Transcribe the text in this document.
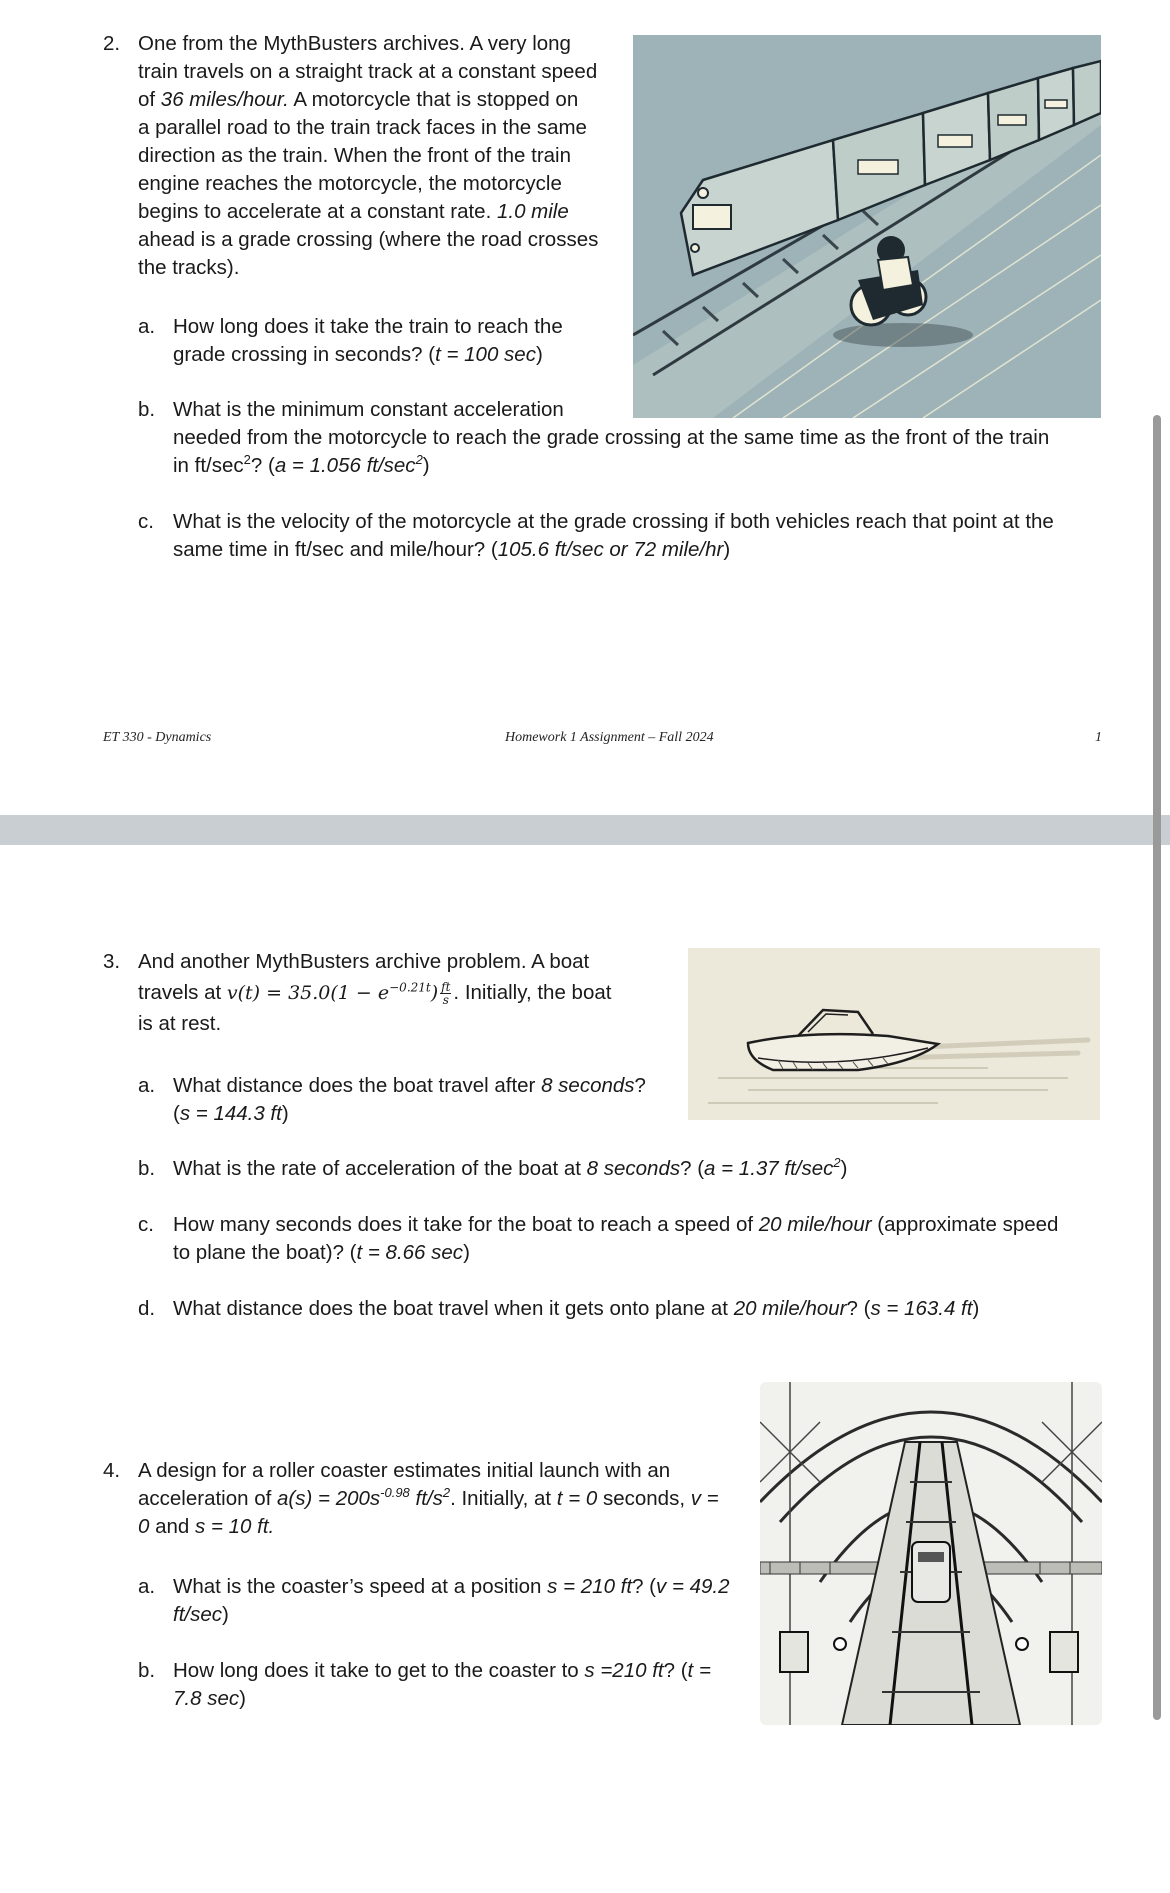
2. One from the MythBusters archives. A very long
train travels on a straight track at a constant speed
of 36 miles/hour. A motorcycle that is stopped on
a parallel road to the train track faces in the same
direction as the train. When the front of the train
engine reaches the motorcycle, the motorcycle
begins to accelerate at a constant rate. 1.0 mile
ahead is a grade crossing (where the road crosses
the tracks).
a. How long does it take the train to reach the
grade crossing in seconds? (t = 100 sec)
b. What is the minimum constant acceleration
needed from the motorcycle to reach the grade crossing at the same time as the front of the train
in $ft/\sec^2$? (a = 1.056 $ft/\sec^2$)
c. What is the velocity of the motorcycle at the grade crossing if both vehicles reach that point at the
same time in ft/sec and mile/hour? (105.6 ft/sec or 72 mile/hr)
ET 330 - Dynamics	Homework 1 Assignment – Fall 2024	1
3. And another MythBusters archive problem. A boat
travels at $v(t) = 35.0(1 - e^{-0.21t}) \frac{ft}{s}$ . Initially, the boat
is at rest.
a. What distance does the boat travel after 8 seconds?
(s = 144.3 ft)
b. What is the rate of acceleration of the boat at 8 seconds? (a = 1.37 $ft/\sec^2$)
c. How many seconds does it take for the boat to reach a speed of 20 mile/hour (approximate speed
to plane the boat)? (t = 8.66 sec)
d. What distance does the boat travel when it gets onto plane at 20 mile/hour? (s = 163.4 ft)
4. A design for a roller coaster estimates initial launch with an
acceleration of $a(s) = 200s^{-0.98}$ $ft/s^2$. Initially, at t = 0 seconds, v =
0 and s = 10 ft.
a. What is the coaster’s speed at a position s = 210 ft? (v = 49.2
ft/sec)
b. How long does it take to get to the coaster to s =210 ft? (t =
7.8 sec)
